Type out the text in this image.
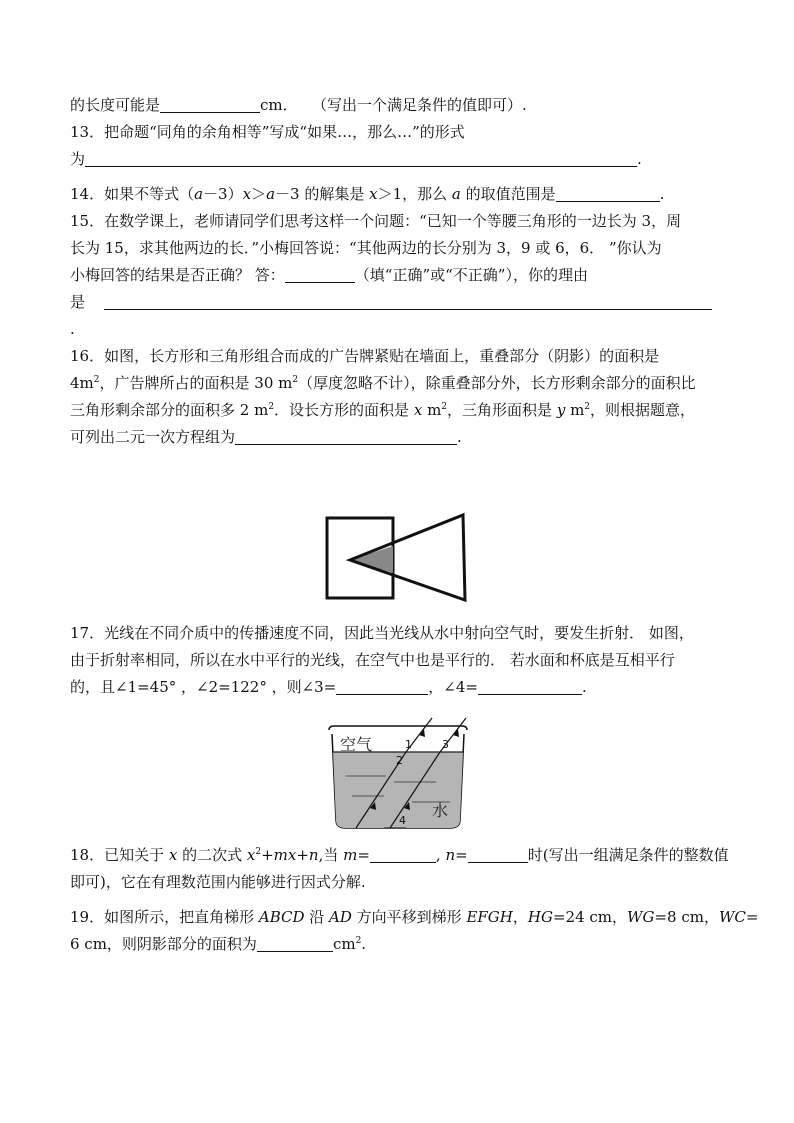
的长度可能是	cm． （写出一个满足条件的值即可）.
13．把命题“同角的余角相等”写成“如果…，那么…”的形式
为	.
14．如果不等式（a－3）x＞a－3 的解集是 x＞1，那么 a 的取值范围是	.
15．在数学课上，老师请同学们思考这样一个问题：“已知一个等腰三角形的一边长为 3，周
长为 15，求其他两边的长．”小梅回答说：“其他两边的长分别为 3，9 或 6，6． ”你认为
小梅回答的结果是否正确？ 答：	（填“正确”或“不正确”），你的理由
是
.
16．如图，长方形和三角形组合而成的广告牌紧贴在墙面上，重叠部分（阴影）的面积是
$4m^2$，广告牌所占的面积是 30 $m^2$（厚度忽略不计），除重叠部分外，长方形剩余部分的面积比
三角形剩余部分的面积多 2 $m^2$．设长方形的面积是 x $m^2$，三角形面积是 y $m^2$，则根据题意，
可列出二元一次方程组为	.
17．光线在不同介质中的传播速度不同，因此当光线从水中射向空气时，要发生折射． 如图，
由于折射率相同，所以在水中平行的光线，在空气中也是平行的． 若水面和杯底是互相平行
的，且∠1=45° ，∠2=122° ，则∠3=	，∠4=	.
空气
水
1
2
3
4
18．已知关于 x 的二次式 $x^2+mx+n$,当 m=	, n=	时(写出一组满足条件的整数值
即可)，它在有理数范围内能够进行因式分解.
19．如图所示，把直角梯形 ABCD 沿 AD 方向平移到梯形 EFGH，HG=24 cm，WG=8 cm，WC=
6 cm，则阴影部分的面积为	$cm^2$.
